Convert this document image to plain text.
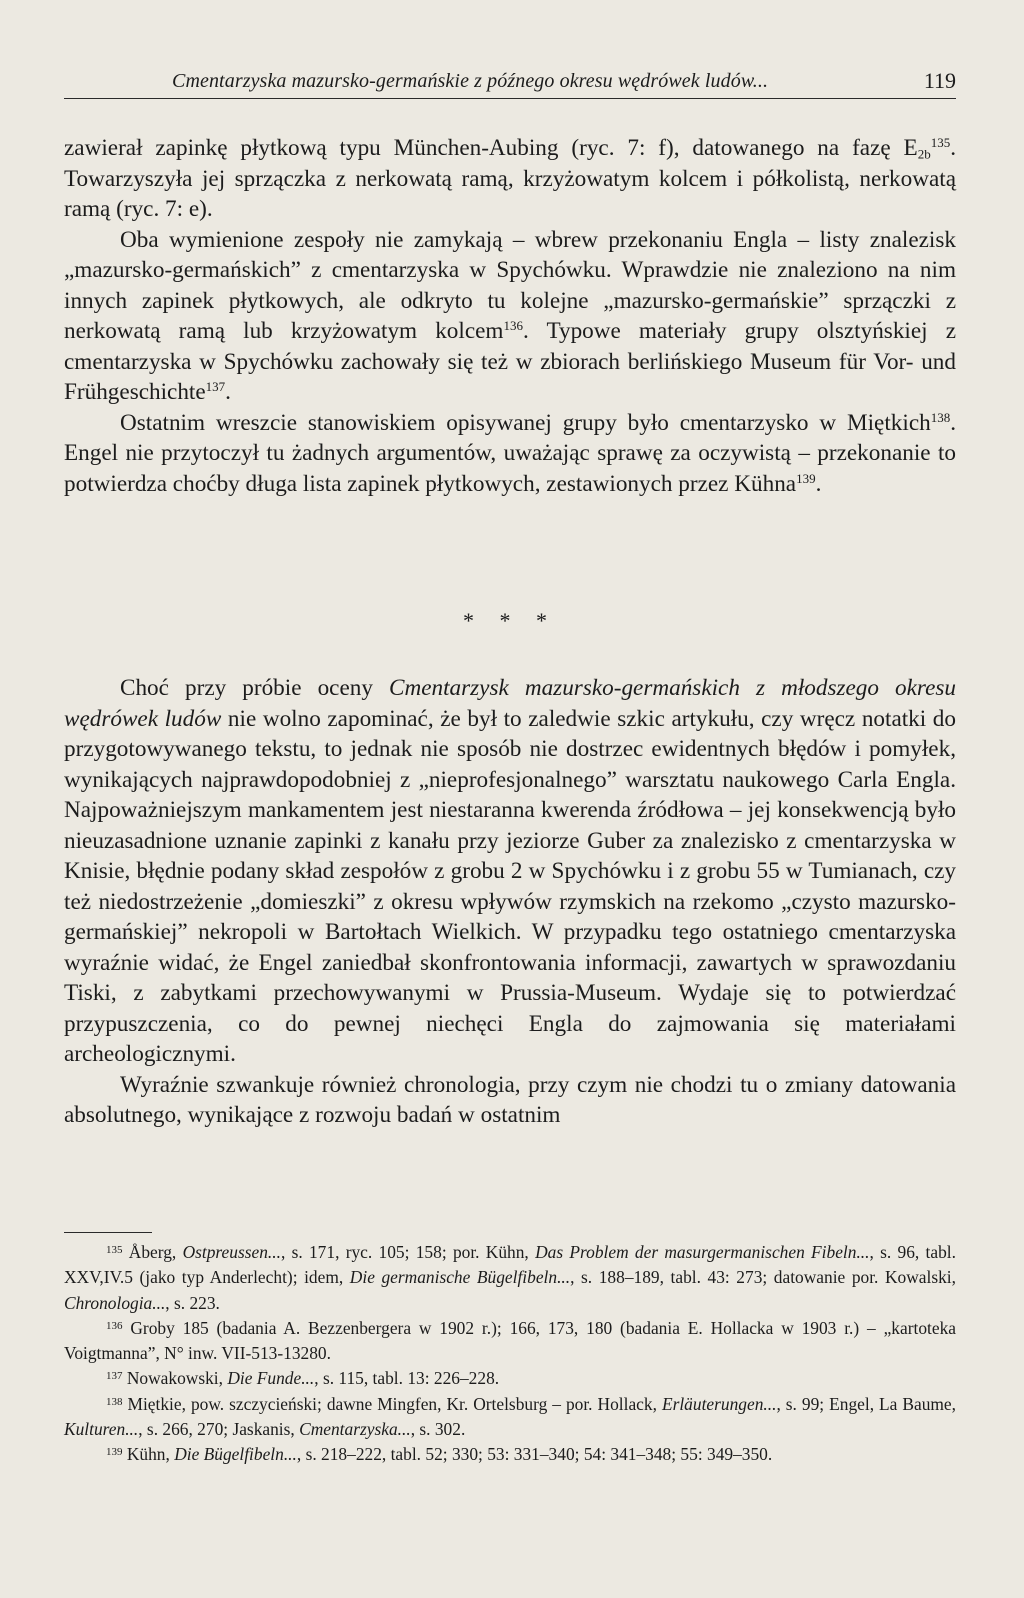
Cmentarzyska mazursko-germańskie z późnego okresu wędrówek ludów...	119

zawierał zapinkę płytkową typu München-Aubing (ryc. 7: f), datowanego na fazę $E_{2b}^{135}$. Towarzyszyła jej sprzączka z nerkowatą ramą, krzyżowatym kolcem i półkolistą, nerkowatą ramą (ryc. 7: e).

Oba wymienione zespoły nie zamykają – wbrew przekonaniu Engla – listy znalezisk „mazursko-germańskich” z cmentarzyska w Spychówku. Wprawdzie nie znaleziono na nim innych zapinek płytkowych, ale odkryto tu kolejne „mazursko-germańskie” sprzączki z nerkowatą ramą lub krzyżowatym kolcem$^{136}$. Typowe materiały grupy olsztyńskiej z cmentarzyska w Spychówku zachowały się też w zbiorach berlińskiego Museum für Vor- und Frühgeschichte$^{137}$.

Ostatnim wreszcie stanowiskiem opisywanej grupy było cmentarzysko w Miętkich$^{138}$. Engel nie przytoczył tu żadnych argumentów, uważając sprawę za oczywistą – przekonanie to potwierdza choćby długa lista zapinek płytkowych, zestawionych przez Kühna$^{139}$.

* * *

Choć przy próbie oceny Cmentarzysk mazursko-germańskich z młodszego okresu wędrówek ludów nie wolno zapominać, że był to zaledwie szkic artykułu, czy wręcz notatki do przygotowywanego tekstu, to jednak nie sposób nie dostrzec ewidentnych błędów i pomyłek, wynikających najprawdopodobniej z „nieprofesjonalnego” warsztatu naukowego Carla Engla. Najpoważniejszym mankamentem jest niestaranna kwerenda źródłowa – jej konsekwencją było nieuzasadnione uznanie zapinki z kanału przy jeziorze Guber za znalezisko z cmentarzyska w Knisie, błędnie podany skład zespołów z grobu 2 w Spychówku i z grobu 55 w Tumianach, czy też niedostrzeżenie „domieszki” z okresu wpływów rzymskich na rzekomo „czysto mazursko-germańskiej” nekropoli w Bartołtach Wielkich. W przypadku tego ostatniego cmentarzyska wyraźnie widać, że Engel zaniedbał skonfrontowania informacji, zawartych w sprawozdaniu Tiski, z zabytkami przechowywanymi w Prussia-Museum. Wydaje się to potwierdzać przypuszczenia, co do pewnej niechęci Engla do zajmowania się materiałami archeologicznymi.

Wyraźnie szwankuje również chronologia, przy czym nie chodzi tu o zmiany datowania absolutnego, wynikające z rozwoju badań w ostatnim

$^{135}$ Åberg, Ostpreussen..., s. 171, ryc. 105; 158; por. Kühn, Das Problem der masurgermanischen Fibeln..., s. 96, tabl. XXV,IV.5 (jako typ Anderlecht); idem, Die germanische Bügelfibeln..., s. 188–189, tabl. 43: 273; datowanie por. Kowalski, Chronologia..., s. 223.

$^{136}$ Groby 185 (badania A. Bezzenbergera w 1902 r.); 166, 173, 180 (badania E. Hollacka w 1903 r.) – „kartoteka Voigtmanna”, N° inw. VII-513-13280.

$^{137}$ Nowakowski, Die Funde..., s. 115, tabl. 13: 226–228.

$^{138}$ Miętkie, pow. szczycieński; dawne Mingfen, Kr. Ortelsburg – por. Hollack, Erläuterungen..., s. 99; Engel, La Baume, Kulturen..., s. 266, 270; Jaskanis, Cmentarzyska..., s. 302.

$^{139}$ Kühn, Die Bügelfibeln..., s. 218–222, tabl. 52; 330; 53: 331–340; 54: 341–348; 55: 349–350.
